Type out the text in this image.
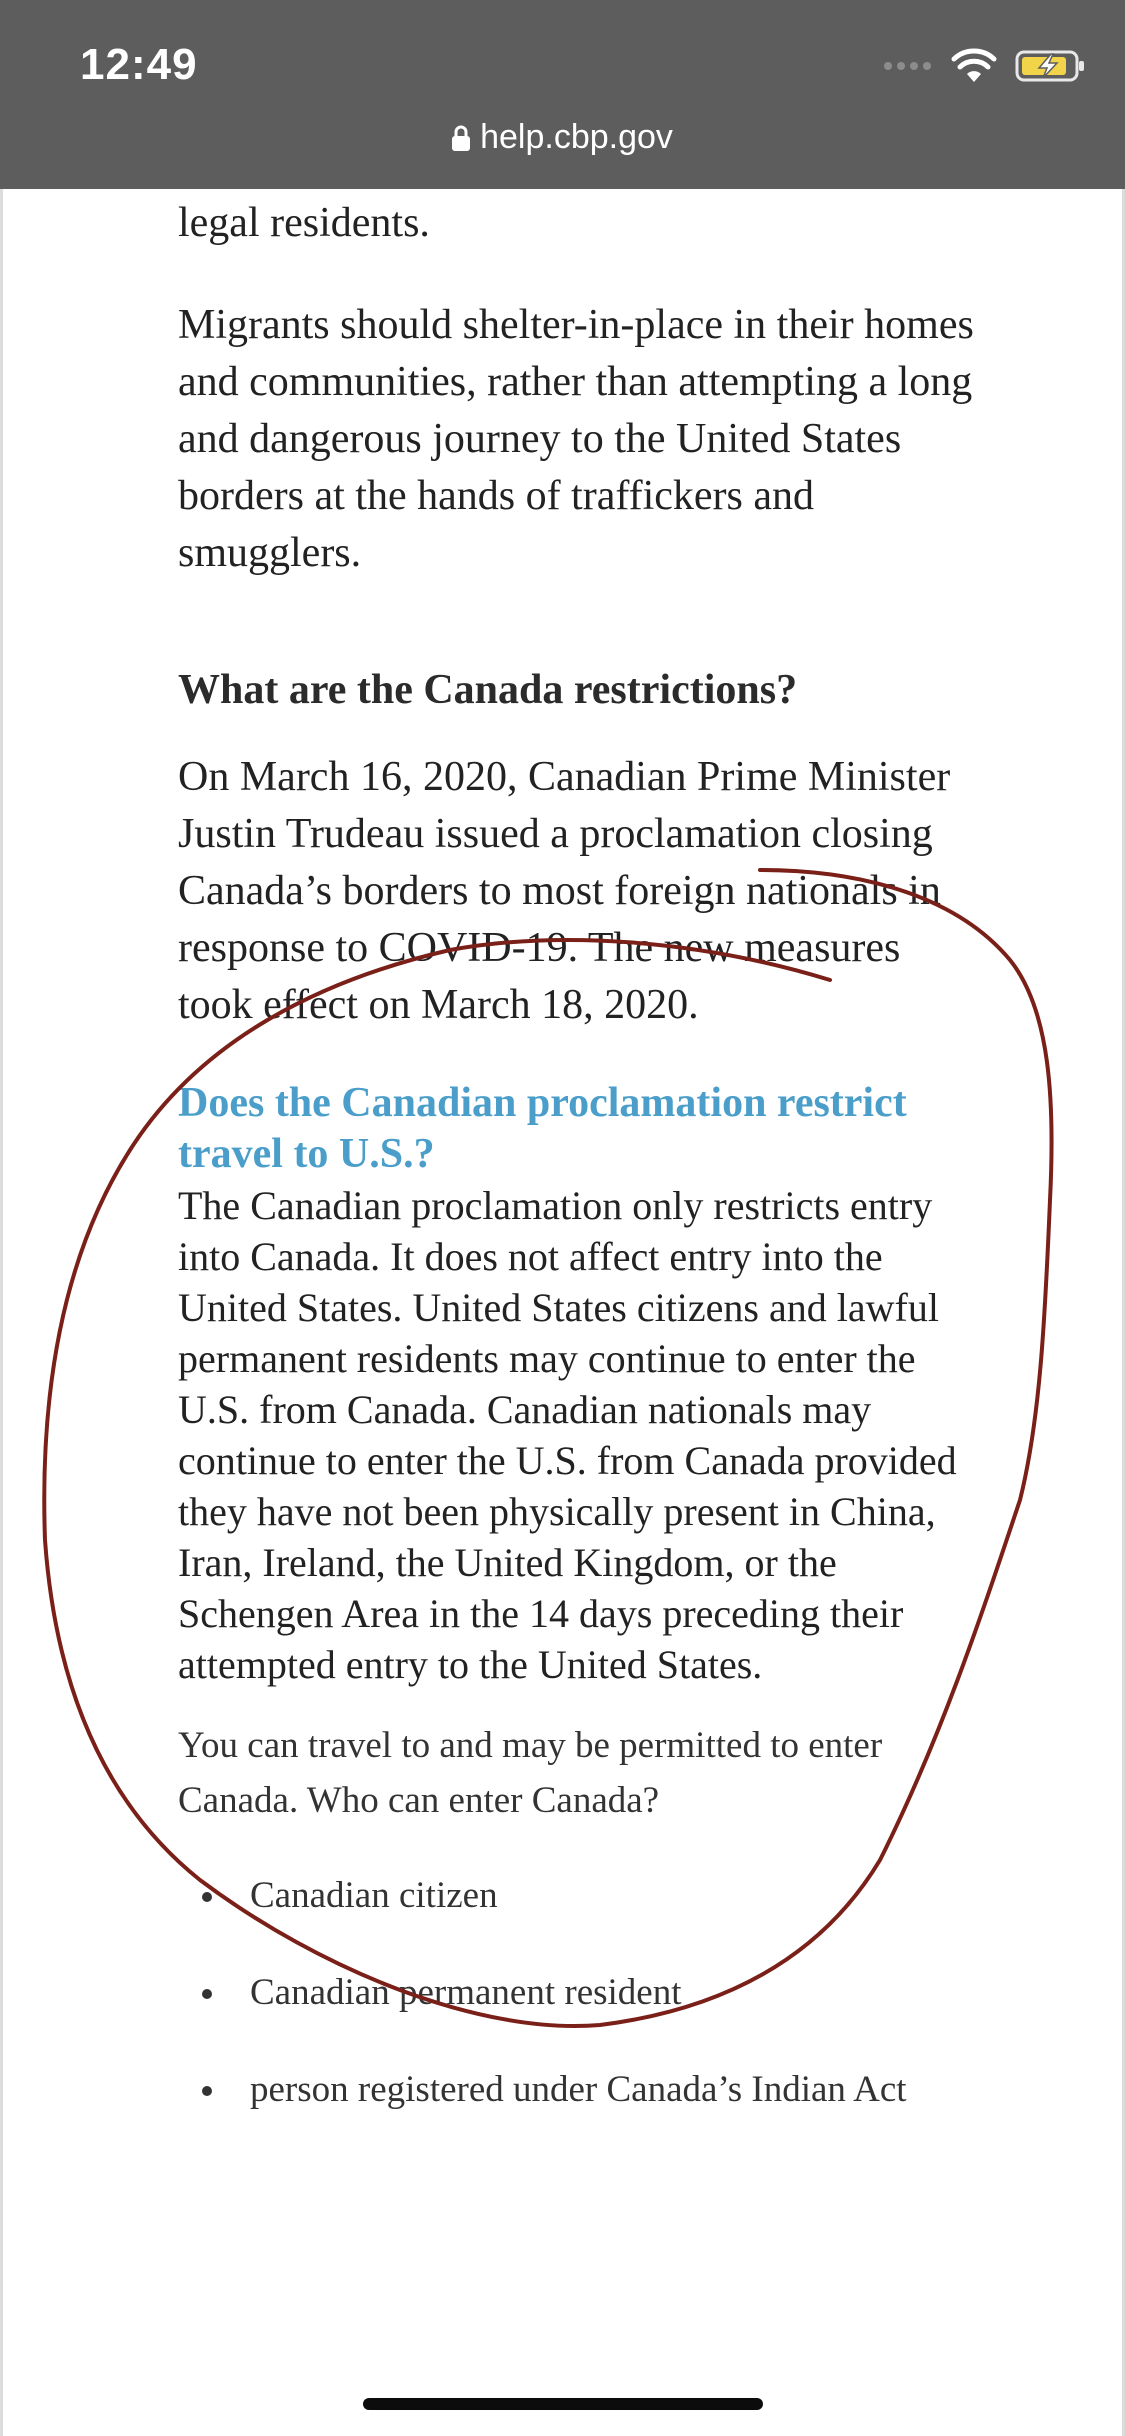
12:49
help.cbp.gov

legal residents.

Migrants should shelter-in-place in their homes and communities, rather than attempting a long and dangerous journey to the United States borders at the hands of traffickers and smugglers.

What are the Canada restrictions?

On March 16, 2020, Canadian Prime Minister Justin Trudeau issued a proclamation closing Canada’s borders to most foreign nationals in response to COVID-19. The new measures took effect on March 18, 2020.

Does the Canadian proclamation restrict travel to U.S.?

The Canadian proclamation only restricts entry into Canada. It does not affect entry into the United States. United States citizens and lawful permanent residents may continue to enter the U.S. from Canada. Canadian nationals may continue to enter the U.S. from Canada provided they have not been physically present in China, Iran, Ireland, the United Kingdom, or the Schengen Area in the 14 days preceding their attempted entry to the United States.

You can travel to and may be permitted to enter Canada. Who can enter Canada?

Canadian citizen
Canadian permanent resident
person registered under Canada’s Indian Act
